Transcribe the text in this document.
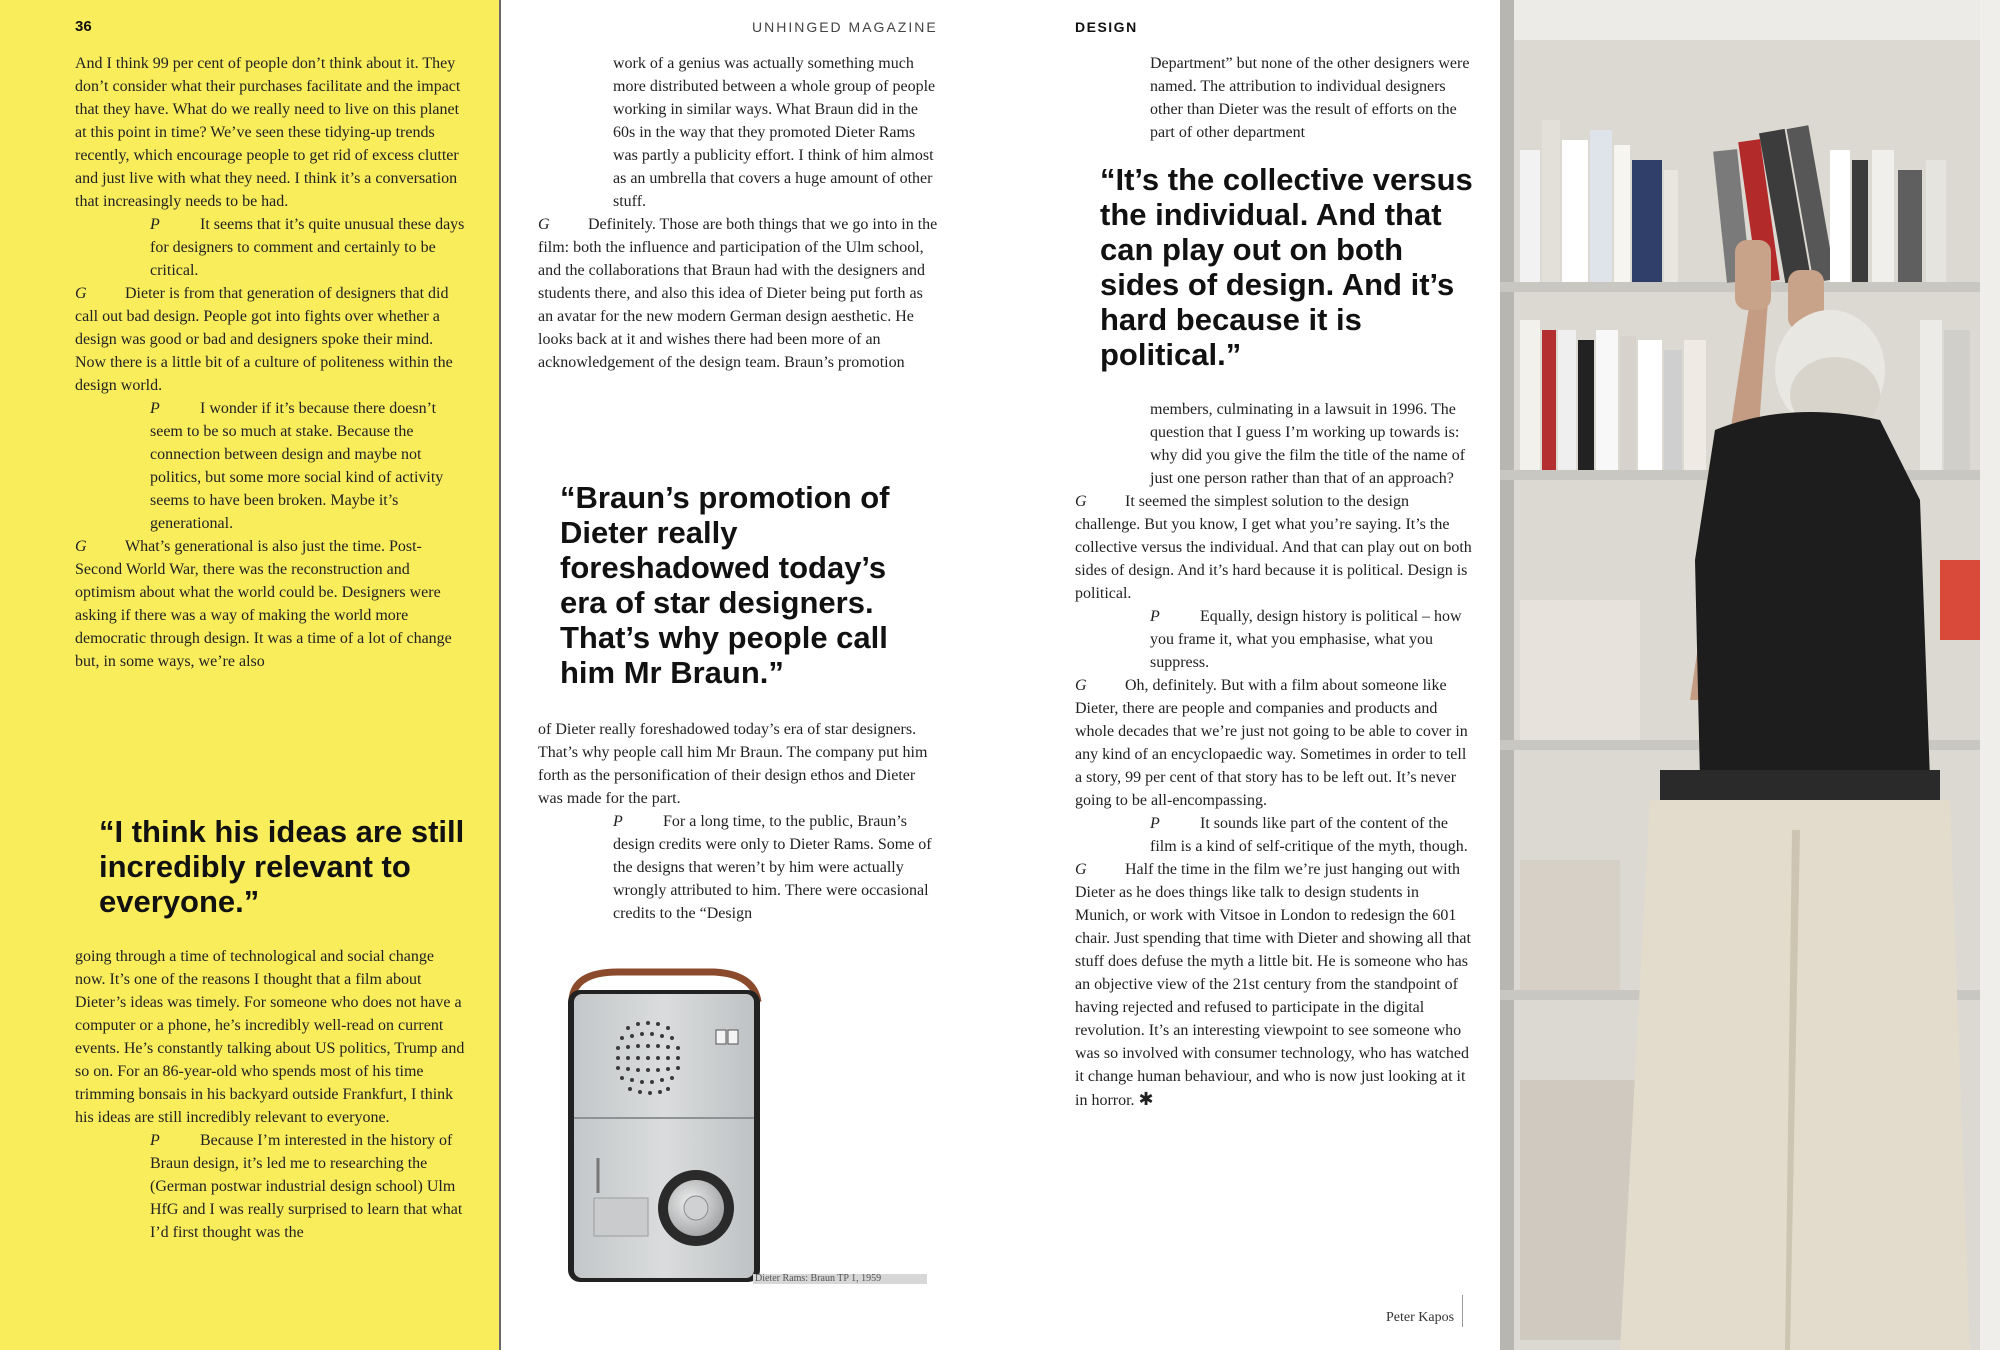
36	UNHINGED MAGAZINE	DESIGN

And I think 99 per cent of people don’t think about it. They don’t consider what their purchases facilitate and the impact that they have. What do we really need to live on this planet at this point in time? We’ve seen these tidying-up trends recently, which encourage people to get rid of excess clutter and just live with what they need. I think it’s a conversation that increasingly needs to be had.

P	It seems that it’s quite unusual these days for designers to comment and certainly to be critical.

G Dieter is from that generation of designers that did call out bad design. People got into fights over whether a design was good or bad and designers spoke their mind. Now there is a little bit of a culture of politeness within the design world.

P	I wonder if it’s because there doesn’t seem to be so much at stake. Because the connection between design and maybe not politics, but some more social kind of activity seems to have been broken. Maybe it’s generational.

G What’s generational is also just the time. Post-Second World War, there was the reconstruction and optimism about what the world could be. Designers were asking if there was a way of making the world more democratic through design. It was a time of a lot of change but, in some ways, we’re also

“I think his ideas are still incredibly relevant to everyone.”

going through a time of technological and social change now. It’s one of the reasons I thought that a film about Dieter’s ideas was timely. For someone who does not have a computer or a phone, he’s incredibly well-read on current events. He’s constantly talking about US politics, Trump and so on. For an 86-year-old who spends most of his time trimming bonsais in his backyard outside Frankfurt, I think his ideas are still incredibly relevant to everyone.

P	Because I’m interested in the history of Braun design, it’s led me to researching the (German postwar industrial design school) Ulm HfG and I was really surprised to learn that what I’d first thought was the

work of a genius was actually something much more distributed between a whole group of people working in similar ways. What Braun did in the 60s in the way that they promoted Dieter Rams was partly a publicity effort. I think of him almost as an umbrella that covers a huge amount of other stuff.

G Definitely. Those are both things that we go into in the film: both the influence and participation of the Ulm school, and the collaborations that Braun had with the designers and students there, and also this idea of Dieter being put forth as an avatar for the new modern German design aesthetic. He looks back at it and wishes there had been more of an acknowledgement of the design team. Braun’s promotion

“Braun’s promotion of Dieter really foreshadowed today’s era of star designers. That’s why people call him Mr Braun.”

of Dieter really foreshadowed today’s era of star designers. That’s why people call him Mr Braun. The company put him forth as the personification of their design ethos and Dieter was made for the part.

P	For a long time, to the public, Braun’s design credits were only to Dieter Rams. Some of the designs that weren’t by him were actually wrongly attributed to him. There were occasional credits to the “Design

Dieter Rams: Braun TP 1, 1959

Department” but none of the other designers were named. The attribution to individual designers other than Dieter was the result of efforts on the part of other department

“It’s the collective versus the individual. And that can play out on both sides of design. And it’s hard because it is political.”

members, culminating in a lawsuit in 1996. The question that I guess I’m working up towards is: why did you give the film the title of the name of just one person rather than that of an approach?

G It seemed the simplest solution to the design challenge. But you know, I get what you’re saying. It’s the collective versus the individual. And that can play out on both sides of design. And it’s hard because it is political. Design is political.

P	Equally, design history is political – how you frame it, what you emphasise, what you suppress.

G Oh, definitely. But with a film about someone like Dieter, there are people and companies and products and whole decades that we’re just not going to be able to cover in any kind of an encyclopaedic way. Sometimes in order to tell a story, 99 per cent of that story has to be left out. It’s never going to be all-encompassing.

P	It sounds like part of the content of the film is a kind of self-critique of the myth, though.

G Half the time in the film we’re just hanging out with Dieter as he does things like talk to design students in Munich, or work with Vitsoe in London to redesign the 601 chair. Just spending that time with Dieter and showing all that stuff does defuse the myth a little bit. He is someone who has an objective view of the 21st century from the standpoint of having rejected and refused to participate in the digital revolution. It’s an interesting viewpoint to see someone who was so involved with consumer technology, who has watched it change human behaviour, and who is now just looking at it in horror. ✱

Peter Kapos
